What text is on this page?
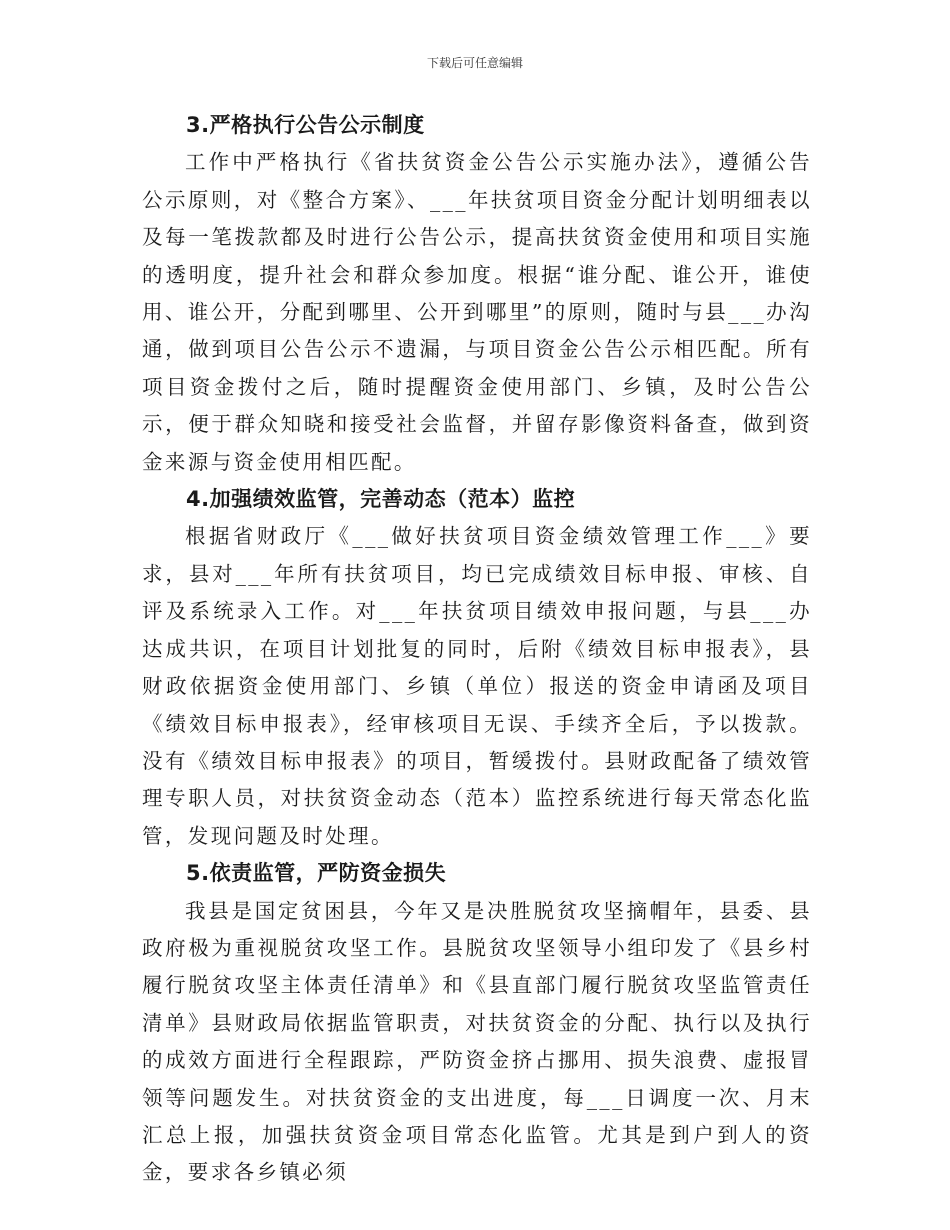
下载后可任意编辑
3.严格执行公告公示制度

工作中严格执行《省扶贫资金公告公示实施办法》，遵循公告公示原则，对《整合方案》、___年扶贫项目资金分配计划明细表以及每一笔拨款都及时进行公告公示，提高扶贫资金使用和项目实施的透明度，提升社会和群众参加度。根据“谁分配、谁公开，谁使用、谁公开，分配到哪里、公开到哪里”的原则，随时与县___办沟通，做到项目公告公示不遗漏，与项目资金公告公示相匹配。所有项目资金拨付之后，随时提醒资金使用部门、乡镇，及时公告公示，便于群众知晓和接受社会监督，并留存影像资料备查，做到资金来源与资金使用相匹配。

4.加强绩效监管，完善动态（范本）监控

根据省财政厅《___做好扶贫项目资金绩效管理工作___》要求，县对___年所有扶贫项目，均已完成绩效目标申报、审核、自评及系统录入工作。对___年扶贫项目绩效申报问题，与县___办达成共识，在项目计划批复的同时，后附《绩效目标申报表》，县财政依据资金使用部门、乡镇（单位）报送的资金申请函及项目《绩效目标申报表》，经审核项目无误、手续齐全后，予以拨款。没有《绩效目标申报表》的项目，暂缓拨付。县财政配备了绩效管理专职人员，对扶贫资金动态（范本）监控系统进行每天常态化监管，发现问题及时处理。

5.依责监管，严防资金损失

我县是国定贫困县，今年又是决胜脱贫攻坚摘帽年，县委、县政府极为重视脱贫攻坚工作。县脱贫攻坚领导小组印发了《县乡村履行脱贫攻坚主体责任清单》和《县直部门履行脱贫攻坚监管责任清单》县财政局依据监管职责，对扶贫资金的分配、执行以及执行的成效方面进行全程跟踪，严防资金挤占挪用、损失浪费、虚报冒领等问题发生。对扶贫资金的支出进度，每___日调度一次、月末汇总上报，加强扶贫资金项目常态化监管。尤其是到户到人的资金，要求各乡镇必须
